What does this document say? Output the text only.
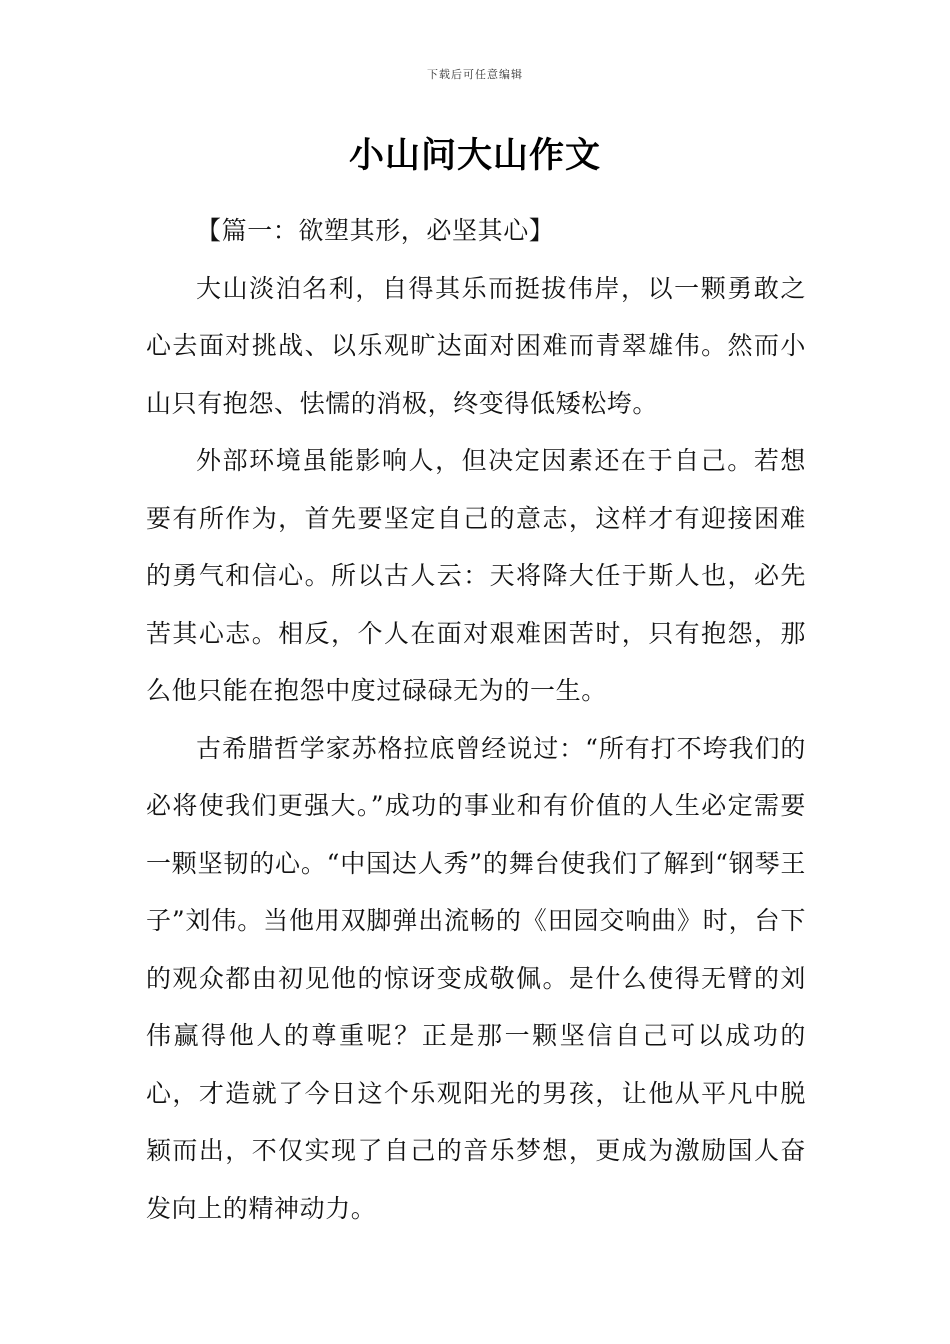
下载后可任意编辑
小山问大山作文
【篇一：欲塑其形，必坚其心】

大山淡泊名利，自得其乐而挺拔伟岸，以一颗勇敢之心去面对挑战、以乐观旷达面对困难而青翠雄伟。然而小山只有抱怨、怯懦的消极，终变得低矮松垮。

外部环境虽能影响人，但决定因素还在于自己。若想要有所作为，首先要坚定自己的意志，这样才有迎接困难的勇气和信心。所以古人云：天将降大任于斯人也，必先苦其心志。相反，个人在面对艰难困苦时，只有抱怨，那么他只能在抱怨中度过碌碌无为的一生。

古希腊哲学家苏格拉底曾经说过：“所有打不垮我们的必将使我们更强大。”成功的事业和有价值的人生必定需要一颗坚韧的心。“中国达人秀”的舞台使我们了解到“钢琴王子”刘伟。当他用双脚弹出流畅的《田园交响曲》时，台下的观众都由初见他的惊讶变成敬佩。是什么使得无臂的刘伟赢得他人的尊重呢？正是那一颗坚信自己可以成功的心，才造就了今日这个乐观阳光的男孩，让他从平凡中脱颖而出，不仅实现了自己的音乐梦想，更成为激励国人奋发向上的精神动力。
